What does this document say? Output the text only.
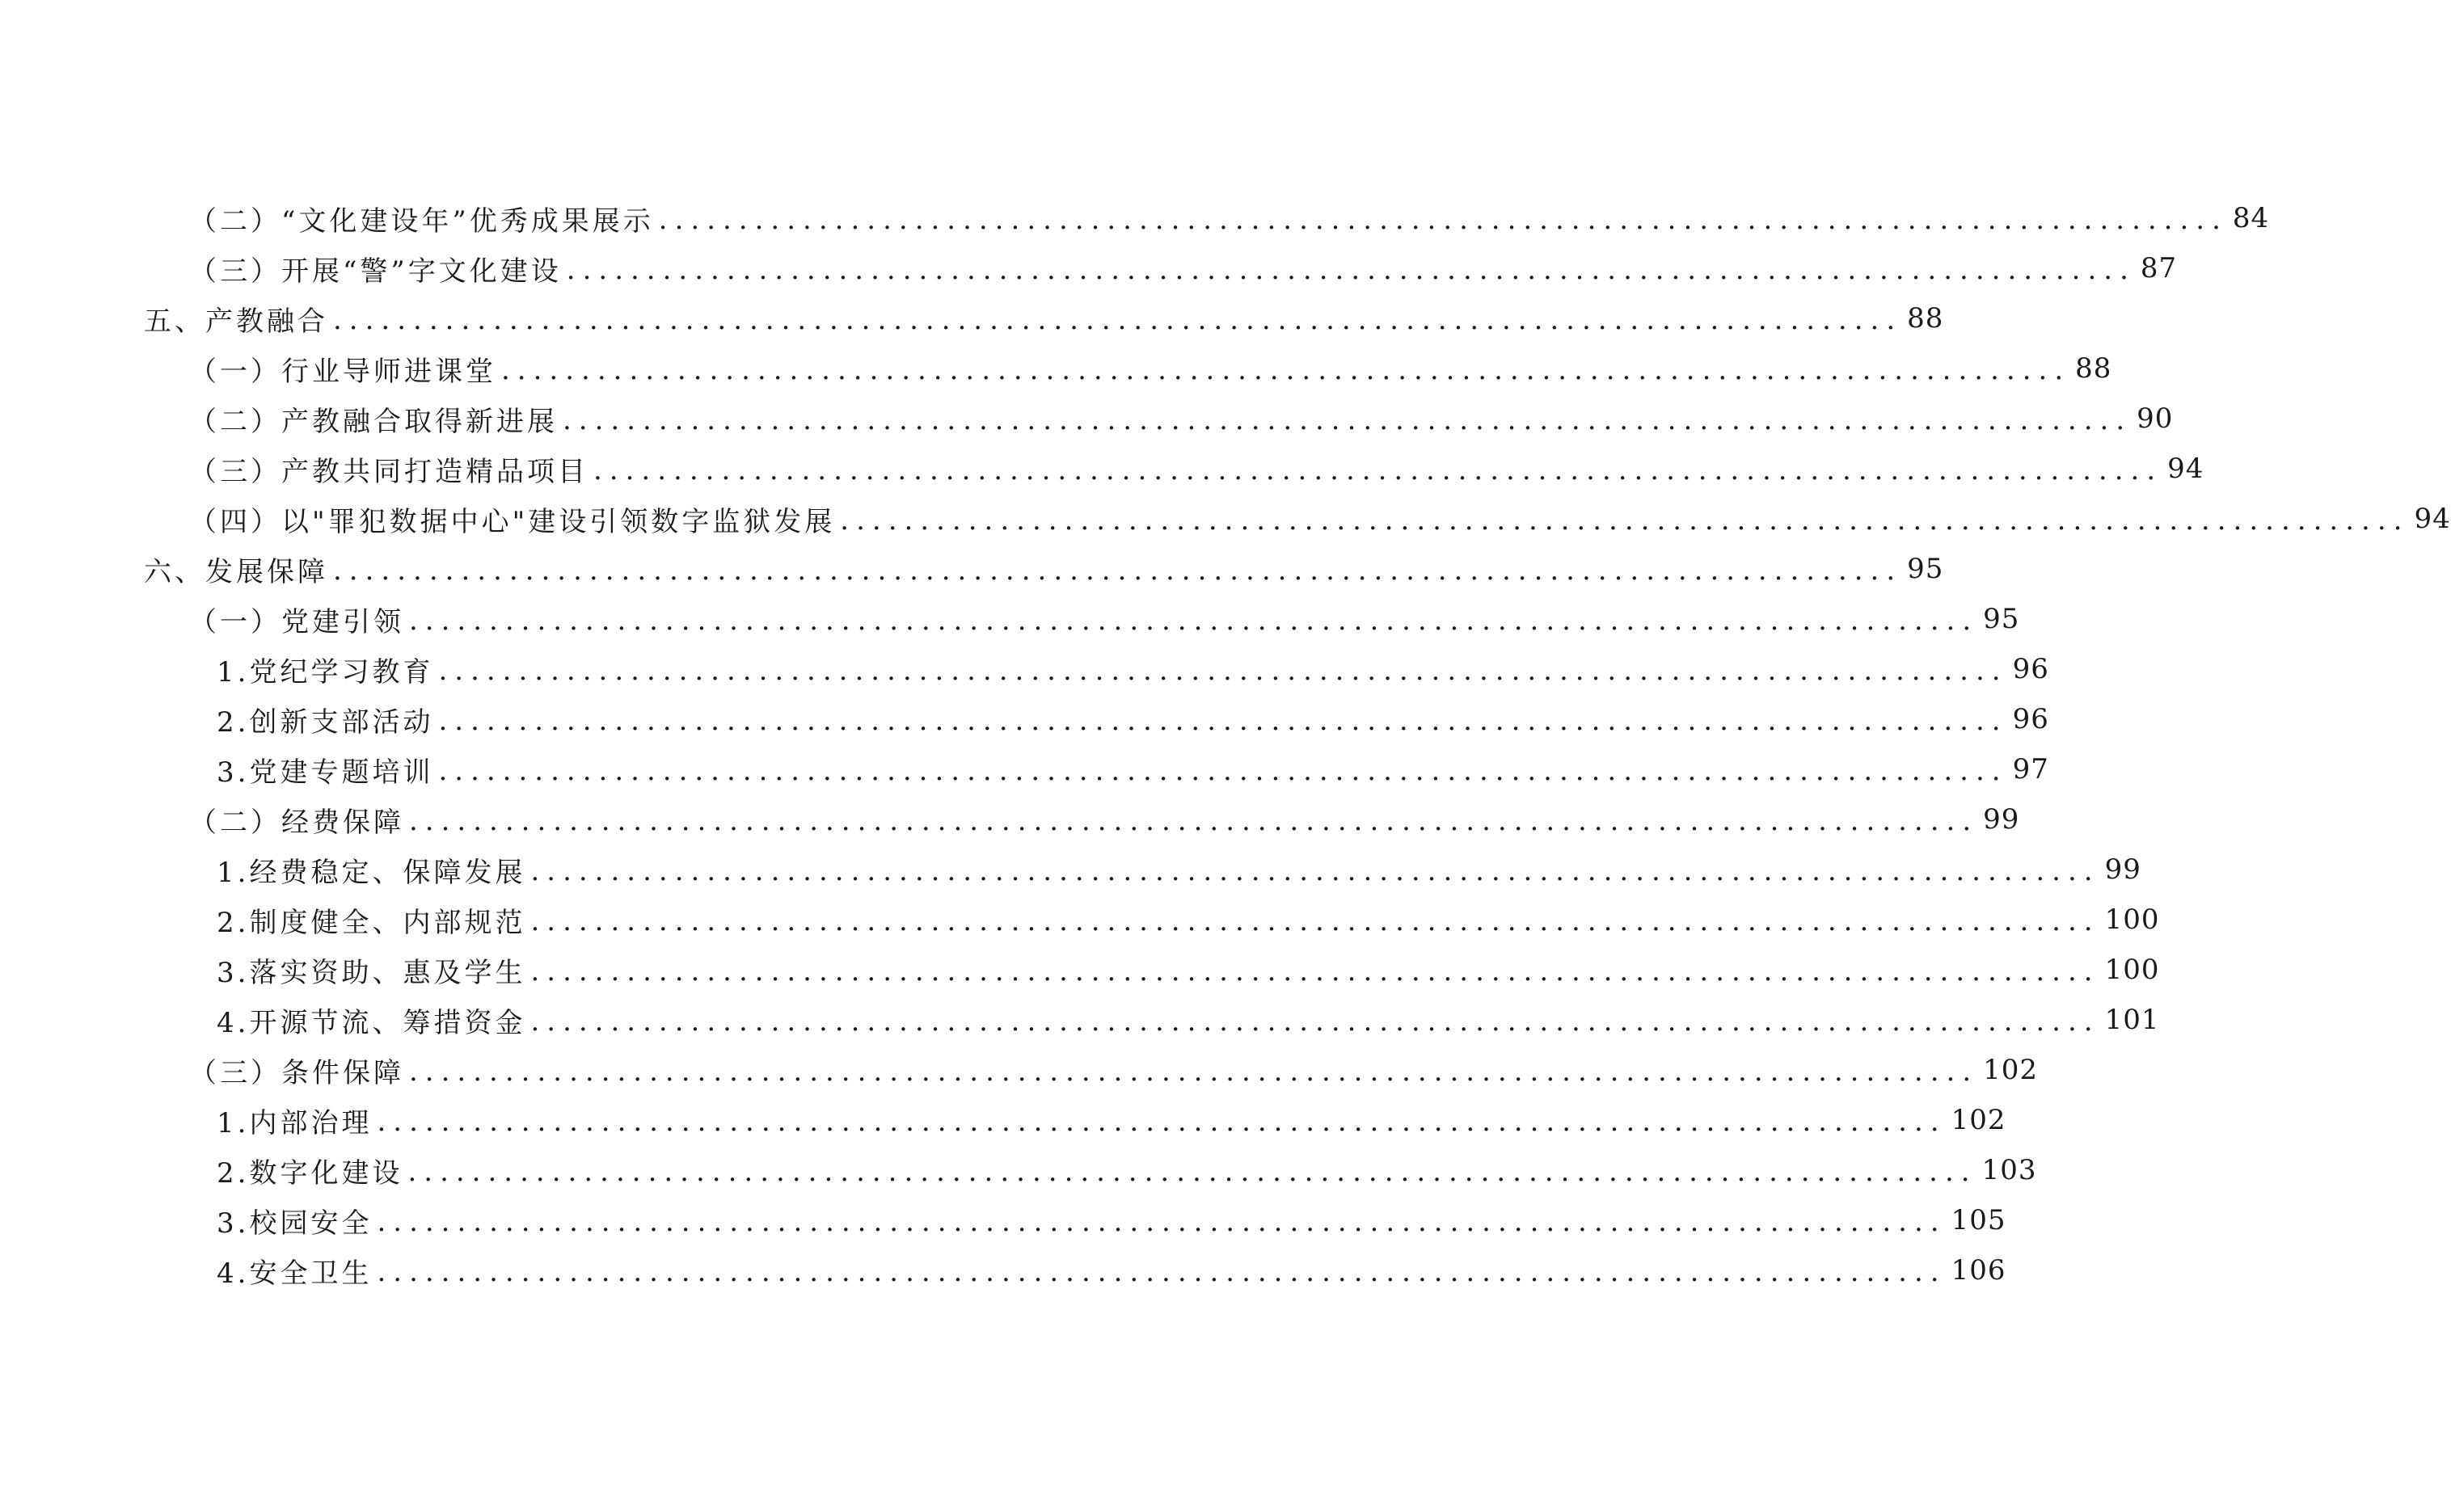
（二）“文化建设年”优秀成果展示 .................................................................................................. 84
（三）开展“警”字文化建设 .................................................................................................. 87
五、产教融合 .................................................................................................. 88
（一）行业导师进课堂 .................................................................................................. 88
（二）产教融合取得新进展 .................................................................................................. 90
（三）产教共同打造精品项目 .................................................................................................. 94
（四）以"罪犯数据中心"建设引领数字监狱发展 .................................................................................................. 94
六、发展保障 .................................................................................................. 95
（一）党建引领 .................................................................................................. 95
1.党纪学习教育 .................................................................................................. 96
2.创新支部活动 .................................................................................................. 96
3.党建专题培训 .................................................................................................. 97
（二）经费保障 .................................................................................................. 99
1.经费稳定、保障发展 .................................................................................................. 99
2.制度健全、内部规范 .................................................................................................. 100
3.落实资助、惠及学生 .................................................................................................. 100
4.开源节流、筹措资金 .................................................................................................. 101
（三）条件保障 .................................................................................................. 102
1.内部治理 .................................................................................................. 102
2.数字化建设 .................................................................................................. 103
3.校园安全 .................................................................................................. 105
4.安全卫生 .................................................................................................. 106
